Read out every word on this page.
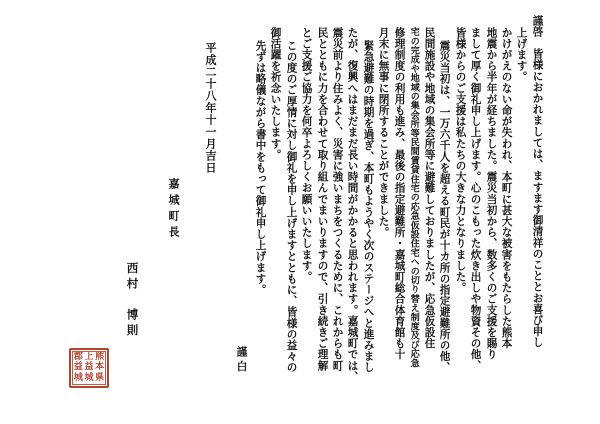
謹啓　皆様におかれましては、ますます御清祥のこととお喜び申し
上げます。
かけがえのない命が失われ、本町に甚大な被害をもたらした熊本
地震から半年が経ちました。震災当初から、数多くのご支援を賜り
まして厚く御礼申し上げます。心のこもった炊き出しや物資その他、
皆様からのご支援は私たちの大きな力となりました。
震災当初は、一万六千人を超える町民が十カ所の指定避難所の他、
民間施設や地域の集会所等に避難しておりましたが、応急仮設住
宅の完成や地域の集会所等民間賃貸住宅の応急仮設住宅への切り替え制度及び応急
修理制度の利用も進み、最後の指定避難所・嘉城町総合体育館も十
月末に無事に閉所することができました。
緊急避難の時期を過ぎ、本町もようやく次のステージへと進みまし
たが、復興へはまだまだ長い時間がかかると思われます。嘉城町では、
震災前より住みよく、災害に強いまちをつくるために、これからも町
民とともに力を合わせて取り組んでまいりますので、引き続きご理解
とご支援ご協力を何卒よろしくお願いいたします。
この度のご厚情に対し御礼を申し上げますとともに、皆様の益々の
御活躍を祈念いたします。
先ずは略儀ながら書中をもって御礼申し上げます。
謹白
平成二十八年十一月吉日
嘉城町長
西村　博則
郡 上 熊
益 益 本
城 城 県
